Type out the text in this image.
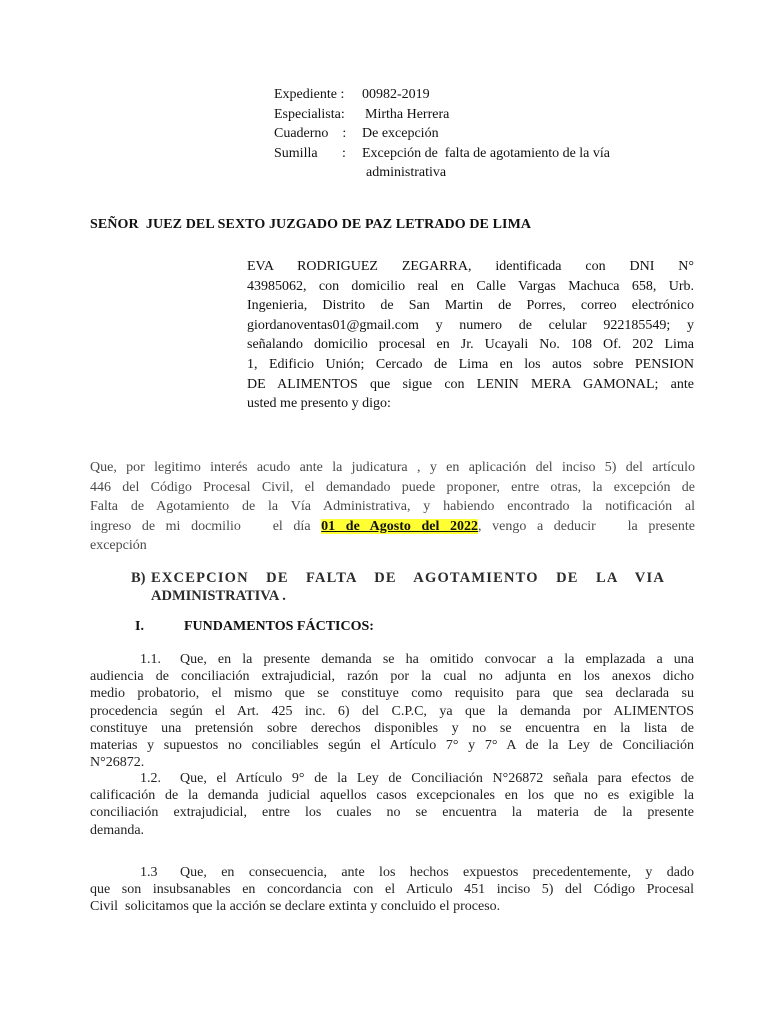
Expediente :	00982-2019
Especialista:	Mirtha Herrera
Cuaderno    :	De excepción
Sumilla       :	Excepción de  falta de agotamiento de la vía
administrativa
SEÑOR  JUEZ DEL SEXTO JUZGADO DE PAZ LETRADO DE LIMA
EVA RODRIGUEZ ZEGARRA, identificada con DNI N°
43985062, con domicilio real en Calle Vargas Machuca 658, Urb.
Ingenieria, Distrito de San Martin de Porres, correo electrónico
giordanoventas01@gmail.com y numero de celular 922185549; y
señalando domicilio procesal en Jr. Ucayali No. 108 Of. 202 Lima
1, Edificio Unión; Cercado de Lima en los autos sobre PENSION
DE ALIMENTOS que sigue con LENIN MERA GAMONAL; ante
usted me presento y digo:
Que, por legitimo interés acudo ante la judicatura , y en aplicación del inciso 5) del artículo
446 del Código Procesal Civil, el demandado puede proponer, entre otras, la excepción de
Falta de Agotamiento de la Vía Administrativa, y habiendo encontrado la notificación al
ingreso de mi docmilio   el día 01 de Agosto del 2022, vengo a deducir   la presente
excepción
B) EXCEPCION DE FALTA DE AGOTAMIENTO DE LA VIA
ADMINISTRATIVA .
I.	FUNDAMENTOS FÁCTICOS:
1.1. Que, en la presente demanda se ha omitido convocar a la emplazada a una
audiencia de conciliación extrajudicial, razón por la cual no adjunta en los anexos dicho
medio probatorio, el mismo que se constituye como requisito para que sea declarada su
procedencia según el Art. 425 inc. 6) del C.P.C, ya que la demanda por ALIMENTOS
constituye una pretensión sobre derechos disponibles y no se encuentra en la lista de
materias y supuestos no conciliables según el Artículo 7° y 7° A de la Ley de Conciliación
N°26872.
1.2. Que, el Artículo 9° de la Ley de Conciliación N°26872 señala para efectos de
calificación de la demanda judicial aquellos casos excepcionales en los que no es exigible la
conciliación extrajudicial, entre los cuales no se encuentra la materia de la presente
demanda.
1.3 Que, en consecuencia, ante los hechos expuestos precedentemente, y dado
que son insubsanables en concordancia con el Articulo 451 inciso 5) del Código Procesal
Civil  solicitamos que la acción se declare extinta y concluido el proceso.
